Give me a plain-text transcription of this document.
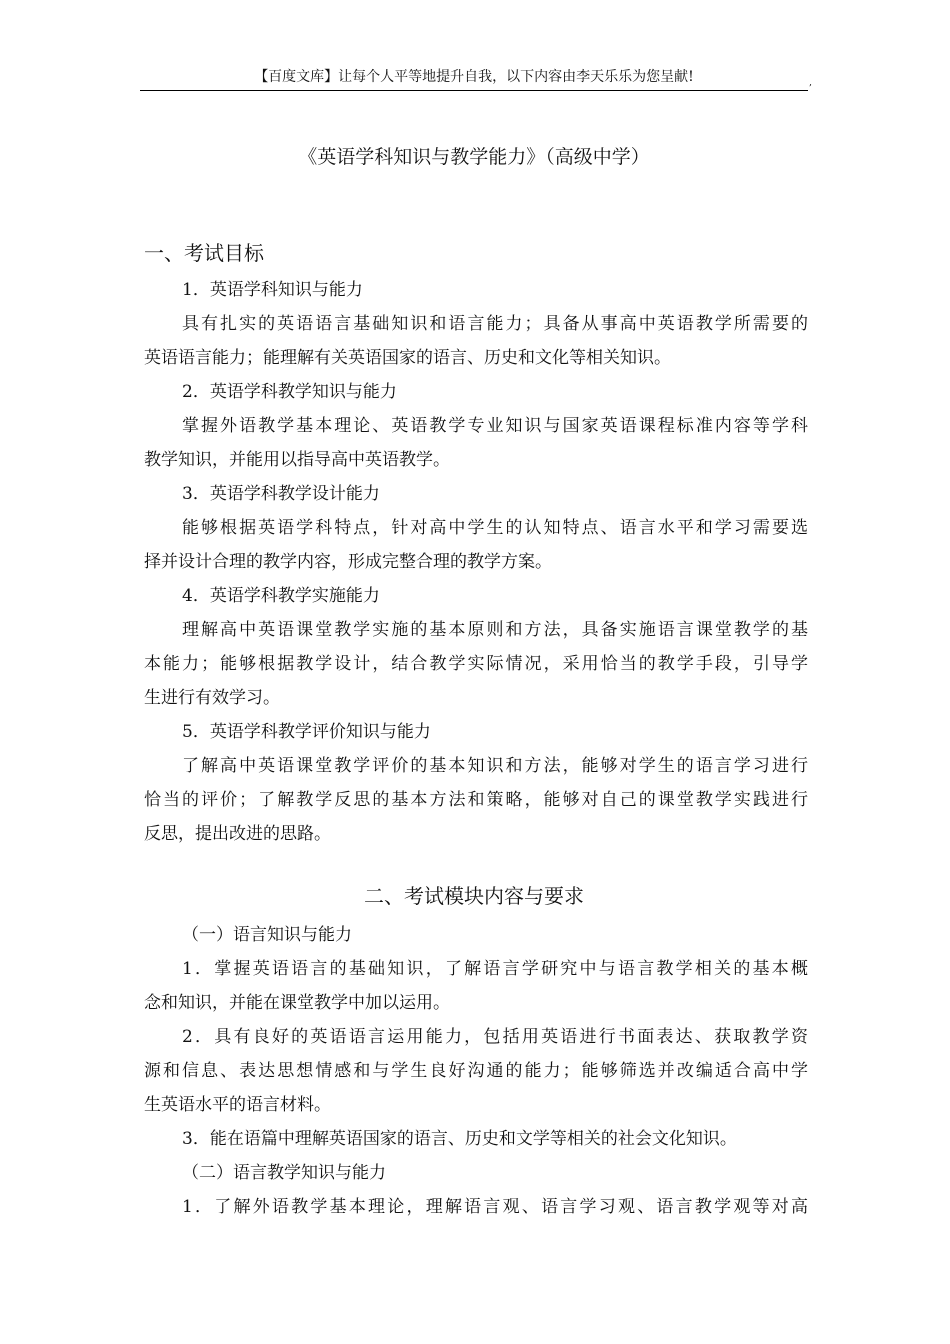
【百度文库】让每个人平等地提升自我，以下内容由李天乐乐为您呈献!	,
《英语学科知识与教学能力》（高级中学）
一、考试目标
1．英语学科知识与能力
具有扎实的英语语言基础知识和语言能力；具备从事高中英语教学所需要的
英语语言能力；能理解有关英语国家的语言、历史和文化等相关知识。
2．英语学科教学知识与能力
掌握外语教学基本理论、英语教学专业知识与国家英语课程标准内容等学科
教学知识，并能用以指导高中英语教学。
3．英语学科教学设计能力
能够根据英语学科特点，针对高中学生的认知特点、语言水平和学习需要选
择并设计合理的教学内容，形成完整合理的教学方案。
4．英语学科教学实施能力
理解高中英语课堂教学实施的基本原则和方法，具备实施语言课堂教学的基
本能力；能够根据教学设计，结合教学实际情况，采用恰当的教学手段，引导学
生进行有效学习。
5．英语学科教学评价知识与能力
了解高中英语课堂教学评价的基本知识和方法，能够对学生的语言学习进行
恰当的评价；了解教学反思的基本方法和策略，能够对自己的课堂教学实践进行
反思，提出改进的思路。
二、考试模块内容与要求
（一）语言知识与能力
1．掌握英语语言的基础知识，了解语言学研究中与语言教学相关的基本概
念和知识，并能在课堂教学中加以运用。
2．具有良好的英语语言运用能力，包括用英语进行书面表达、获取教学资
源和信息、表达思想情感和与学生良好沟通的能力；能够筛选并改编适合高中学
生英语水平的语言材料。
3．能在语篇中理解英语国家的语言、历史和文学等相关的社会文化知识。
（二）语言教学知识与能力
1．了解外语教学基本理论，理解语言观、语言学习观、语言教学观等对高
